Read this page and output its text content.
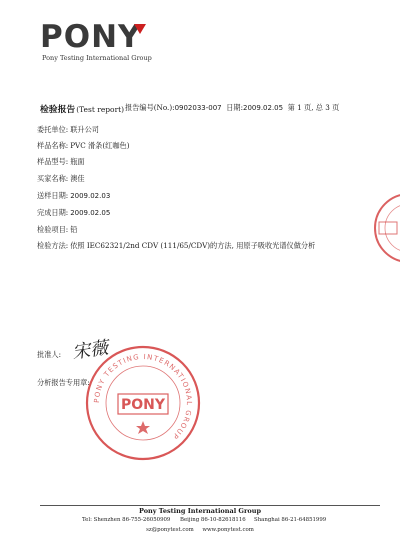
PONY
Pony Testing International Group
检验报告(Test report) 报告编号(No.):0902033-007 日期:2009.02.05 第 1 页, 总 3 页
委托单位: 联升公司
样品名称: PVC 滑条(红咖色)
样品型号: 瓶面
买家名称: 澳佳
送样日期: 2009.02.03
完成日期: 2009.02.05
检验项目: 铅
检验方法: 依照 IEC62321/2nd CDV (111/65/CDV)的方法, 用原子吸收光谱仪做分析
批准人: 宋薇
分析报告专用章:
PONY TESTING INTERNATIONAL GROUP
PONY
Pony Testing International Group
Tel: Shenzhen 86-755-26050909 Beijing 86-10-82618116 Shanghai 86-21-64851999
sz@ponytest.com www.ponytest.com
